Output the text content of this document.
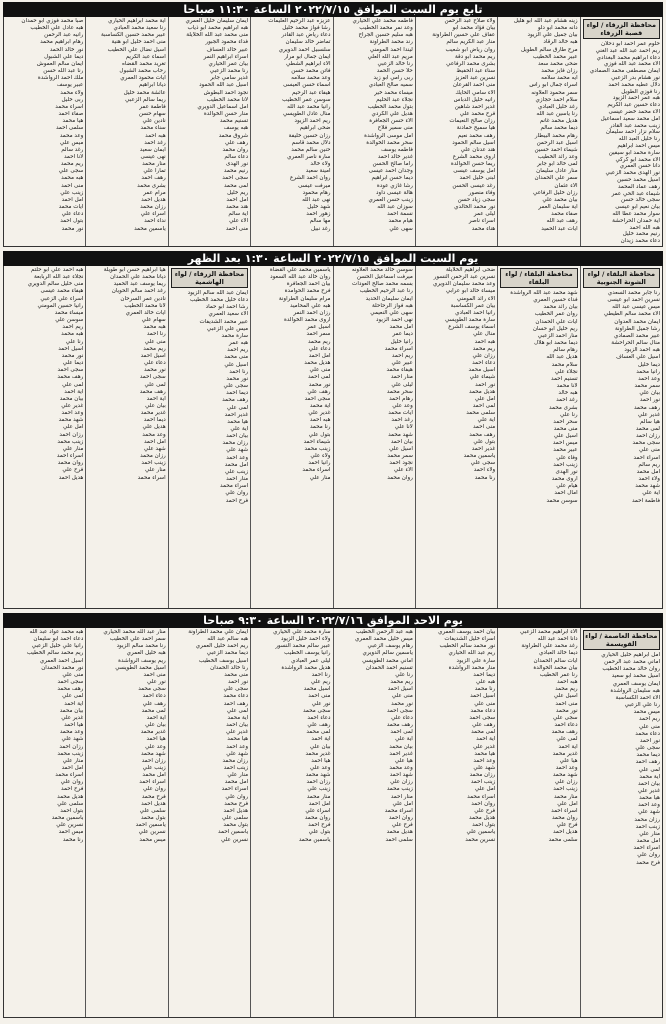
تابع يوم السبت الموافق ٢٠٢٢/٧/١٥ الساعة ١١:٣٠ صباحا
محافظة الزرقاء / لواء قصبة الزرقاء
حلوم عمر احمد ابو دحلان
ريم احمد عبد الله عبد الغني
دعاء ابراهيم محمد البغدادي
الاء محمد عبد الله فوزي
ايمان مصطفى محمد الصمادي
نور هشام بدر الزعبي
دلال عطيه محمد احمد
رنا فوزي الطويل
هبه عمر احمد الزيود
دعاء حسين عبد الكريم
الاء محمد خضر عيسى
امل محمد سعيد اسماعيل
زينب محمد عبد القادر
سلام نزار احمد سليمان
رنا خليل العبد الله
ميس احمد ابراهيم
سارة محمد ابو سيفين
الاء محمد ابو كركي
دانا حسن العمري
نور الهدى محمد الزعبي
اسيل محمد حسين
رهف عماد المحمد
شيماء عبد الحي عمر
سجى خالد حسن
بيان نعيم ابو عيسى
سوار محمد عطا الله
اية حمدان الحراحشة
هبه الله احمد
رنيم محمد خليل
دعاء محمد زيدان
زينه هشام عبد الله ابو هليل
دانه محمد ابو دلو
بيان جميل علي الزيود
هبه خالد الرقاد
مرح طارق سالم الطويل
عبير محمد الخطيب
ضحى محمد سعد
رزان فايز محمد
ايه محمد سلامه
اسراء جمال ابو راس
سمر محمود العلاونه
سلام احمد حجازي
رغد خليل العبادي
رنا ياسين عبد الله
هديل محمد غانم
ديما محمد سالم
رهام محمد البيطار
اسيل عبد الرحمن
شيماء احمد حسين
وعد رائد الخطيب
لمى خالد ابو جابر
منار عادل سليمان
سمر علي الحمدان
الاء عثمان
رزان خليل الرفاعي
بيان محمد علي
اية سليمان العمر
صفاء محمد
رهف عبد الله
ايات عبد الحميد
ولاء صلاح عبد الرحمن
بيان فؤاد محمد ابو
عفاف علي حسين الطراونة
منار عبد الكريم سالم
روان رياض ابو شعيب
ريم محمد ابو دقة
بشرى محمد الرفاعي
سناء عبد الحفيظ
نسرين عبد العزيز
منى احمد القرعان
الاء سامي الحايك
رانيه خليل الدباس
غدير احمد شاهين
فرح محمد علي
رزان صالح النعيمات
هيا سميح حمادنة
رهف محمد نعيم
اسيل سالم الحمود
هند عدنان علي
اروى محمد الشرع
ريما حسن الخوالدة
امل يوسف عيسى
لبنى خليل احمد
رغد عيسى الحسن
وفاء منصور
سجى زياد حسن
نور محمد الخالدي
ليلى عمر
اسراء ناصر
هناء محمد
فاطمه محمد علي الحياري
وعد نمر محمد الخطيب
هبه سليم حسين الجراح
رند محمد الطراونة
ليندا احمد المومني
مريم عبد الله العلي
رنا خالد الزعبي
حلا حسن الحمد
ربى رامي ابو زيد
سميه صالح العبادي
ميساء محمد خير
نجلاء عبد الحليم
بتول محمد الخطيب
هديل علي الكردي
الاء حسن الجعافرة
منى سمير فلاح
امل موسى الرواشدة
سحر محمد الخوالدة
فاطمه يوسف
غدير خالد احمد
راما صالح الحسن
وجدان احمد عيسى
ديما حسن ابراهيم
رشا غازي عودة
هالة عيسى داود
زينب حسن العمري
سوزان عبد الله
نسمة احمد
هيام محمد
سهى علي
عزيزه عبد الرحيم العليمات
رشا فواز محمد خليل
دعاء رياض عبد القادر
تماضر خالد سليمان
سلسبيل احمد الدويري
ايمان جمال ابو مرار
الاء ابراهيم الشطي
فاتن محمد حسن
وعد محمد سلامه
اسماء حسن العيسى
هيفاء عبد الرحيم
سوسن عمر الخطيب
رانيا محمد عبد الله
منال عادل الطويسي
ريم احمد الزيود
ضحى ابراهيم
رزان حسين خليفة
دلال محمد قاسم
حنين سالم محمد
سارة ناصر العمري
ولاء خالد
امينة سعيد
روان احمد الشرع
ميرفت عيسى
رهام محمود
نهى عبد الله
شهد خليل
زهور احمد
مها سالم
رغد نبيل
ايمان سليمان خليل العمري
هبه ابراهيم محمد ابو ذياب
منى محمد عبد الله الخلايلة
فداء محمود الجبور
عبير خالد العساف
اسراء ابراهيم النمر
بيان عمر الحياري
رنا محمد الزعبي
غدير سامي جابر
اسيل عبد الله الحمود
نجود احمد البطوش
لانا محمد الخطيب
امل اسماعيل الدويري
منار حسن الخوالدة
تسنيم محمد
هبه يوسف
شروق محمد
رهف علي
روان محمد
دعاء سالم
نور الهدى
رنيم محمد
سجى احمد
لمى محمد
ريم خليل
امل احمد
هند محمد
اية سالم
الاء علي
منى احمد
اية محمد ابراهيم الحياري
رنا سعيد محمد العبادي
عبير محمد حسين الكساسبة
منى احمد خليل ابو هنية
اسيل نضال علي الخطيب
اسماء عبد الكريم
تغريد محمد القضاه
رحاب محمد الشبول
ايات محمود العمري
ديانا ابراهيم
عائشة محمد خليل
ريما سالم الزعبي
فاطمة عمر
سهام حسن
نادين علي
سناء محمد
هبه احمد
رغد احمد
ايمان سعيد
نهى عيسى
منار محمد
تمارا علي
رهف احمد
بشرى محمد
مرام عمر
هديل احمد
رزان محمد
اسراء علي
نداء احمد
ياسمين محمد
صبا محمد فوزي ابو حمدان
هبه عادل علي الخطيب
رانيه عبد الرحمن
رهام ابراهيم محمد
نور خالد الحمد
ديما علي الشبول
ايمان سالم العموش
رنا عبد الله حسن
ملك احمد الرواشدة
عبير يوسف
ولاء محمد
ربى خليل
اسراء محمد
صفاء احمد
هيا محمد
سلمى احمد
وعد محمد
ميس علي
رغد سالم
لانا احمد
ريم محمد
سجى علي
هبه محمد
منى احمد
زينب علي
امل احمد
ايات محمد
دعاء علي
بتول احمد
نور محمد
يوم السبت الموافق ٢٠٢٢/٧/١٥ الساعة ١:٣٠ بعد الظهر
محافظة البلقاء / لواء الشونة الجنوبية
رنا جابر محمد السعدي
نسرين احمد ابو عيسى
ميس عيسى عبد الله
الاء محمد سالم الطيطي
ايمان محمد العدوان
رشا جميل الطراونة
عبير محمد الصمادي
منال سالم الحراحشة
هبه احمد الزيود
اسيل علي العساف
ديما خليل
رانيا محمد
وعد احمد
سمر محمد
بيان علي
نور احمد
رهف محمد
غدير علي
هيا سالم
لمى محمد
رزان احمد
سجى محمد
منى علي
اسراء احمد
ريم سالم
امل محمد
ولاء احمد
شهد محمد
اية علي
فاطمة احمد
محافظة البلقاء / لواء البلقاء
شهد محمد عبد الله الرواشدة
فداء حسين العمري
بيان رائد محمد
روان عمر الخطيب
ايات علي الحمدان
ريم خليل ابو حسان
منار احمد الزعبي
ديما محمد ابو هلال
رهام سالم
هديل عبد الله
سلام محمد
نجلاء علي
تسنيم احمد
لانا محمد
هبه خالد
رغد احمد
بشرى محمد
رنا علي
سحر احمد
منى محمد
اسيل علي
ميس احمد
عبير محمد
وفاء علي
زينب احمد
نور الهدى
اروى محمد
هيام علي
امال احمد
سوسن محمد
ضحى ابراهيم الخلايلة
نسرين عبد الرحمن النسور
وعد محمد سليمان الدويري
ميساء خالد ابو عرابي
الاء رائد المومني
بيان عمر الكساسبة
رانيا احمد العبادي
سارة محمد الطويسي
اسماء يوسف الشرع
منال علي
هبه احمد
ريم محمد
رزان علي
دعاء احمد
اسيل محمد
شيماء علي
نور احمد
هديل محمد
امل علي
لمى احمد
سلمى محمد
اية علي
منى احمد
رهف محمد
بتول علي
غدير احمد
ياسمين محمد
سجى علي
ولاء احمد
رنا محمد
سوسن خالد محمد العلاونه
ميرفت اسماعيل الحسن
بسمه محمد صالح العودات
رنا عبد الرحيم الخطيب
ايمان سليمان الحديد
هبه فواز الرحاحلة
سهى علي النعيمي
نهى احمد الزيود
امل محمد
ديما عمر
رانيا خليل
اسراء محمد
ريم احمد
عبير علي
هيفاء محمد
منار احمد
ليلى علي
سحر محمد
رهام احمد
وعد علي
ايات محمد
رغد احمد
لانا علي
شهد محمد
بيان احمد
اسيل علي
سمر محمد
نجود احمد
الاء علي
روان محمد
ياسمين محمد علي القضاة
روان خالد عبد الله السعود
بيان احمد الجعافرة
فرح محمد الحوامدة
مرام سليمان الطراونة
هبه علي المحاميد
رزان احمد النمر
اروى محمد الخوالدة
اسيل عمر
سمر احمد
ريم محمد
دعاء علي
امل احمد
هديل محمد
منى علي
لمى احمد
نور محمد
رهف علي
سجى احمد
اية محمد
غدير علي
هبه احمد
رنا محمد
بتول علي
شيماء احمد
زينب محمد
ولاء علي
رانيا احمد
اسراء محمد
منار علي
محافظة الزرقاء / لواء الهاشمية
ايمان عبد الله سالم الزيود
دعاء خليل محمد الخطيب
رشا احمد ابو حماد
الاء سعيد العمري
عبير محمد الشديفات
ميس علي الزعبي
سارة محمد
هبه عمر
ريم احمد
منى محمد
اسيل علي
رنا احمد
نور محمد
سجى علي
ديما احمد
رهف محمد
لمى علي
غدير احمد
هيا محمد
اية علي
بيان احمد
رزان محمد
شهد علي
وعد احمد
امل محمد
زينب علي
منار احمد
اسراء محمد
روان علي
فرح احمد
هيا ابراهيم حسن ابو طويلة
ديانا محمد علي الحمدان
ريما يوسف عبد الحميد
رغد احمد سالم الحويان
نادين عمر السرحان
لانا محمد الخطيب
ايات خالد العمري
سهام علي
هبه محمد
رنا احمد
منى علي
ريم محمد
اسيل احمد
دعاء علي
نور محمد
سجى احمد
لمى علي
رهف محمد
اية احمد
بيان علي
غدير محمد
ديما احمد
هديل علي
وعد محمد
امل احمد
شهد علي
رزان محمد
زينب احمد
منار علي
اسراء محمد
هبه احمد علي ابو حلتم
نجلاء عبد الله الربابعة
منى خليل سالم الدويري
هيفاء محمد عيسى
اسراء علي الزعبي
رانيا حسين المومني
ميساء محمد
سوسن علي
ريم احمد
هبه محمد
رنا علي
اسيل احمد
نور محمد
ديما علي
سجى احمد
رهف محمد
لمى علي
اية احمد
بيان محمد
غدير علي
وعد احمد
شهد محمد
امل علي
رزان احمد
زينب محمد
منار علي
اسراء احمد
روان محمد
فرح علي
هديل احمد
يوم الاحد الموافق ٢٠٢٢/٧/١٦ الساعة ٩:٣٠ صباحا
محافظة العاصمة / لواء القويسمة
امل ابراهيم خليل الحياري
اماني محمد عبد الرحمن
روان خالد محمد الخطيب
اسيل محمد ابو سعيد
ايمان يوسف العمري
هبه سليمان الرواشدة
الاء احمد الكساسبة
رنا علي الزعبي
ميس محمد
ريم احمد
منى علي
دعاء محمد
نور احمد
سجى علي
ديما محمد
رهف احمد
لمى علي
اية محمد
بيان احمد
غدير علي
هيا محمد
وعد احمد
شهد علي
رزان محمد
زينب احمد
منار علي
امل محمد
اسراء احمد
روان علي
فرح محمد
الاء ابراهيم محمد الزعبي
دانا احمد عبد الله
رغد محمد علي الطراونة
ديما خالد العبادي
ايات سالم الحمدان
بيان محمد الخوالدة
رنا عمر الخطيب
هبه احمد
ريم محمد
اسيل علي
منى احمد
نور محمد
سجى علي
دعاء احمد
رهف محمد
لمى علي
اية احمد
غدير محمد
هيا علي
وعد احمد
شهد محمد
رزان علي
زينب احمد
منار محمد
امل علي
اسراء احمد
روان محمد
فرح علي
هديل احمد
سلمى محمد
بيان احمد يوسف العمري
اسراء خليل الشديفات
نور محمد سالم الخطيب
ريم عبد الله الحياري
سارة علي الزيود
منار محمد الرواشدة
ديما احمد
هبه علي
رنا محمد
اسيل احمد
منى علي
دعاء محمد
سجى احمد
رهف علي
لمى محمد
اية احمد
غدير علي
هيا محمد
وعد احمد
شهد علي
رزان محمد
زينب احمد
امل علي
اسراء محمد
روان احمد
فرح علي
هديل محمد
بتول احمد
ياسمين علي
نسرين محمد
هبه عبد الرحمن الخطيب
ميس خليل محمد العمري
رهام يوسف الزعبي
ياسمين سالم الدويري
اماني محمد الطويسي
تسنيم احمد الحمدان
رنا علي
ريم محمد
اسيل احمد
منى علي
نور محمد
سجى احمد
دعاء علي
رهف محمد
لمى احمد
اية علي
بيان محمد
غدير احمد
هيا علي
وعد محمد
شهد احمد
رزان علي
زينب محمد
منار احمد
امل علي
اسراء محمد
روان احمد
فرح علي
هديل محمد
سلمى احمد
سارة محمد علي الحياري
ولاء احمد خليل الزيود
عبير سالم محمد النسور
رانيا يوسف الخطيب
ليلى عمر العبادي
هديل محمد الرواشدة
رنا احمد
ريم علي
اسيل محمد
منى احمد
نور علي
سجى محمد
دعاء احمد
رهف علي
لمى محمد
اية احمد
بيان علي
غدير محمد
هيا احمد
وعد علي
شهد محمد
رزان احمد
زينب علي
منار محمد
امل احمد
اسراء علي
روان محمد
فرح احمد
بتول علي
ياسمين محمد
ايمان علي محمد الطراونة
هبه سالم عبد الله
ريم احمد خليل العمري
ديما محمد الزعبي
اسيل يوسف الخطيب
رنا خالد الحمدان
منى محمد
نور احمد
سجى علي
دعاء محمد
رهف احمد
لمى علي
اية محمد
بيان احمد
غدير علي
هيا محمد
وعد احمد
شهد علي
رزان محمد
زينب احمد
منار علي
امل محمد
اسراء احمد
روان علي
فرح محمد
هديل احمد
سلمى علي
بتول محمد
ياسمين احمد
نسرين علي
منار عبد الله محمد الحياري
سمر احمد علي الخطيب
رنا محمد سالم الزيود
هبه خليل العمري
ريم يوسف الرواشدة
اسيل محمد الطويسي
منى احمد
نور علي
سجى محمد
دعاء احمد
رهف علي
لمى محمد
اية احمد
بيان علي
غدير محمد
هيا احمد
وعد علي
شهد محمد
رزان احمد
زينب علي
امل محمد
اسراء احمد
روان علي
فرح محمد
هديل احمد
سلمى علي
بتول محمد
ياسمين احمد
نسرين علي
ميس محمد
هبه محمد عواد عبد الله
دعاء احمد ابو سليمان
رانيا علي خليل الزعبي
ريم محمد سالم الخطيب
اسيل احمد العمري
نور محمد الحمدان
منى علي
سجى احمد
رهف محمد
لمى علي
اية احمد
بيان محمد
غدير علي
هيا احمد
وعد محمد
شهد علي
رزان احمد
زينب محمد
منار علي
امل احمد
اسراء محمد
روان علي
فرح احمد
هديل محمد
سلمى علي
بتول احمد
ياسمين محمد
نسرين علي
ميس احمد
رنا محمد
